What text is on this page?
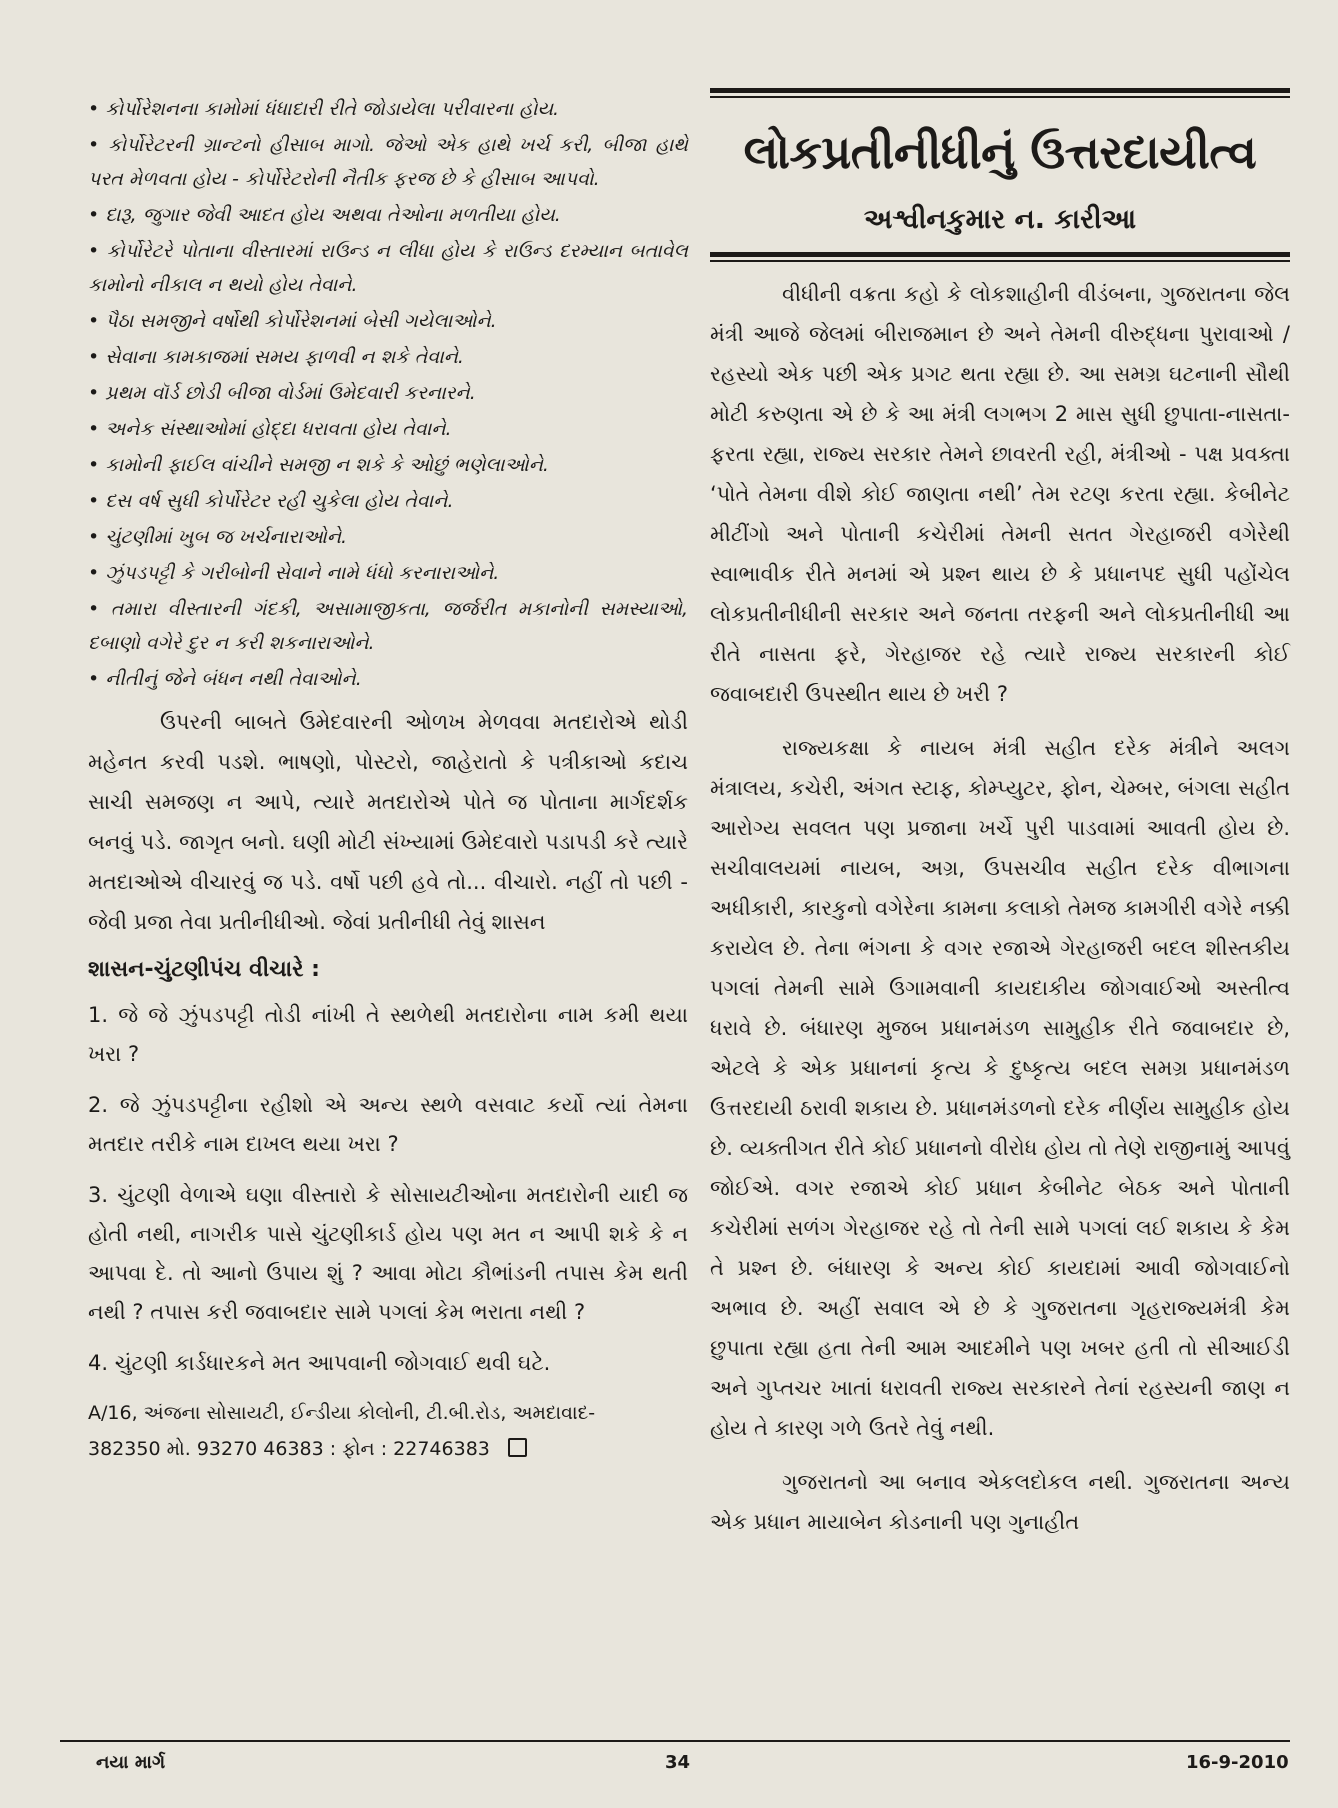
• કોર્પોરેશનના કામોમાં ધંધાદારી રીતે જોડાયેલા પરીવારના હોય.
• કોર્પોરેટરની ગ્રાન્ટનો હીસાબ માગો. જેઓ એક હાથે ખર્ચ કરી, બીજા હાથે પરત મેળવતા હોય - કોર્પોરેટરોની નૈતીક ફરજ છે કે હીસાબ આપવો.
• દારૂ, જુગાર જેવી આદત હોય અથવા તેઓના મળતીયા હોય.
• કોર્પોરેટરે પોતાના વીસ્તારમાં રાઉન્ડ ન લીધા હોય કે રાઉન્ડ દરમ્યાન બતાવેલ કામોનો નીકાલ ન થયો હોય તેવાને.
• પૈઠા સમજીને વર્ષોથી કોર્પોરેશનમાં બેસી ગયેલાઓને.
• સેવાના કામકાજમાં સમય ફાળવી ન શકે તેવાને.
• પ્રથમ વૉર્ડ છોડી બીજા વોર્ડમાં ઉમેદવારી કરનારને.
• અનેક સંસ્થાઓમાં હોદ્દા ધરાવતા હોય તેવાને.
• કામોની ફાઈલ વાંચીને સમજી ન શકે કે ઓછું ભણેલાઓને.
• દસ વર્ષ સુધી કોર્પોરેટર રહી ચુકેલા હોય તેવાને.
• ચુંટણીમાં ખુબ જ ખર્ચનારાઓને.
• ઝુંપડપટ્ટી કે ગરીબોની સેવાને નામે ધંધો કરનારાઓને.
• તમારા વીસ્તારની ગંદકી, અસામાજીકતા, જર્જરીત મકાનોની સમસ્યાઓ, દબાણો વગેરે દુર ન કરી શકનારાઓને.
• નીતીનું જેને બંધન નથી તેવાઓને.

ઉપરની બાબતે ઉમેદવારની ઓળખ મેળવવા મતદારોએ થોડી મહેનત કરવી પડશે. ભાષણો, પોસ્ટરો, જાહેરાતો કે પત્રીકાઓ કદાચ સાચી સમજણ ન આપે, ત્યારે મતદારોએ પોતે જ પોતાના માર્ગદર્શક બનવું પડે. જાગૃત બનો. ઘણી મોટી સંખ્યામાં ઉમેદવારો પડાપડી કરે ત્યારે મતદાઓએ વીચારવું જ પડે. વર્ષો પછી હવે તો... વીચારો. નહીં તો પછી - જેવી પ્રજા તેવા પ્રતીનીધીઓ. જેવાં પ્રતીનીધી તેવું શાસન

શાસન-ચુંટણીપંચ વીચારે :

1. જે જે ઝુંપડપટ્ટી તોડી નાંખી તે સ્થળેથી મતદારોના નામ કમી થયા ખરા ?

2. જે ઝુંપડપટ્ટીના રહીશો એ અન્ય સ્થળે વસવાટ કર્યો ત્યાં તેમના મતદાર તરીકે નામ દાખલ થયા ખરા ?

3. ચુંટણી વેળાએ ઘણા વીસ્તારો કે સોસાયટીઓના મતદારોની યાદી જ હોતી નથી, નાગરીક પાસે ચુંટણીકાર્ડ હોય પણ મત ન આપી શકે કે ન આપવા દે. તો આનો ઉપાય શું ? આવા મોટા કૌભાંડની તપાસ કેમ થતી નથી ? તપાસ કરી જવાબદાર સામે પગલાં કેમ ભરાતા નથી ?

4. ચુંટણી કાર્ડધારકને મત આપવાની જોગવાઈ થવી ઘટે.

A/16, અંજના સોસાયટી, ઈન્ડીયા કોલોની, ટી.બી.રોડ, અમદાવાદ-
382350 મો. 93270 46383 : ફોન : 22746383
લોકપ્રતીનીધીનું ઉત્તરદાયીત્વ
અશ્વીનકુમાર ન. કારીઆ

વીધીની વક્રતા કહો કે લોકશાહીની વીડંબના, ગુજરાતના જેલ મંત્રી આજે જેલમાં બીરાજમાન છે અને તેમની વીરુદ્ધના પુરાવાઓ / રહસ્યો એક પછી એક પ્રગટ થતા રહ્યા છે. આ સમગ્ર ઘટનાની સૌથી મોટી કરુણતા એ છે કે આ મંત્રી લગભગ 2 માસ સુધી છુપાતા-નાસતા-ફરતા રહ્યા, રાજ્ય સરકાર તેમને છાવરતી રહી, મંત્રીઓ - પક્ષ પ્રવક્તા ‘પોતે તેમના વીશે કોઈ જાણતા નથી’ તેમ રટણ કરતા રહ્યા. કેબીનેટ મીટીંગો અને પોતાની કચેરીમાં તેમની સતત ગેરહાજરી વગેરેથી સ્વાભાવીક રીતે મનમાં એ પ્રશ્ન થાય છે કે પ્રધાનપદ સુધી પહોંચેલ લોકપ્રતીનીધીની સરકાર અને જનતા તરફની અને લોકપ્રતીનીધી આ રીતે નાસતા ફરે, ગેરહાજર રહે ત્યારે રાજ્ય સરકારની કોઈ જવાબદારી ઉપસ્થીત થાય છે ખરી ?

રાજ્યકક્ષા કે નાયબ મંત્રી સહીત દરેક મંત્રીને અલગ મંત્રાલય, કચેરી, અંગત સ્ટાફ, કોમ્પ્યુટર, ફોન, ચેમ્બર, બંગલા સહીત આરોગ્ય સવલત પણ પ્રજાના ખર્ચે પુરી પાડવામાં આવતી હોય છે. સચીવાલયમાં નાયબ, અગ્ર, ઉપસચીવ સહીત દરેક વીભાગના અધીકારી, કારકુનો વગેરેના કામના કલાકો તેમજ કામગીરી વગેરે નક્કી કરાયેલ છે. તેના ભંગના કે વગર રજાએ ગેરહાજરી બદલ શીસ્તકીય પગલાં તેમની સામે ઉગામવાની કાયદાકીય જોગવાઈઓ અસ્તીત્વ ધરાવે છે. બંધારણ મુજબ પ્રધાનમંડળ સામુહીક રીતે જવાબદાર છે, એટલે કે એક પ્રધાનનાં કૃત્ય કે દુષ્કૃત્ય બદલ સમગ્ર પ્રધાનમંડળ ઉત્તરદાયી ઠરાવી શકાય છે. પ્રધાનમંડળનો દરેક નીર્ણય સામુહીક હોય છે. વ્યક્તીગત રીતે કોઈ પ્રધાનનો વીરોધ હોય તો તેણે રાજીનામું આપવું જોઈએ. વગર રજાએ કોઈ પ્રધાન કેબીનેટ બેઠક અને પોતાની કચેરીમાં સળંગ ગેરહાજર રહે તો તેની સામે પગલાં લઈ શકાય કે કેમ તે પ્રશ્ન છે. બંધારણ કે અન્ય કોઈ કાયદામાં આવી જોગવાઈનો અભાવ છે. અહીં સવાલ એ છે કે ગુજરાતના ગૃહરાજ્યમંત્રી કેમ છુપાતા રહ્યા હતા તેની આમ આદમીને પણ ખબર હતી તો સીઆઈડી અને ગુપ્તચર ખાતાં ધરાવતી રાજ્ય સરકારને તેનાં રહસ્યની જાણ ન હોય તે કારણ ગળે ઉતરે તેવું નથી.

ગુજરાતનો આ બનાવ એકલદોકલ નથી. ગુજરાતના અન્ય એક પ્રધાન માયાબેન કોડનાની પણ ગુનાહીત

નયા માર્ગ	34	16-9-2010
